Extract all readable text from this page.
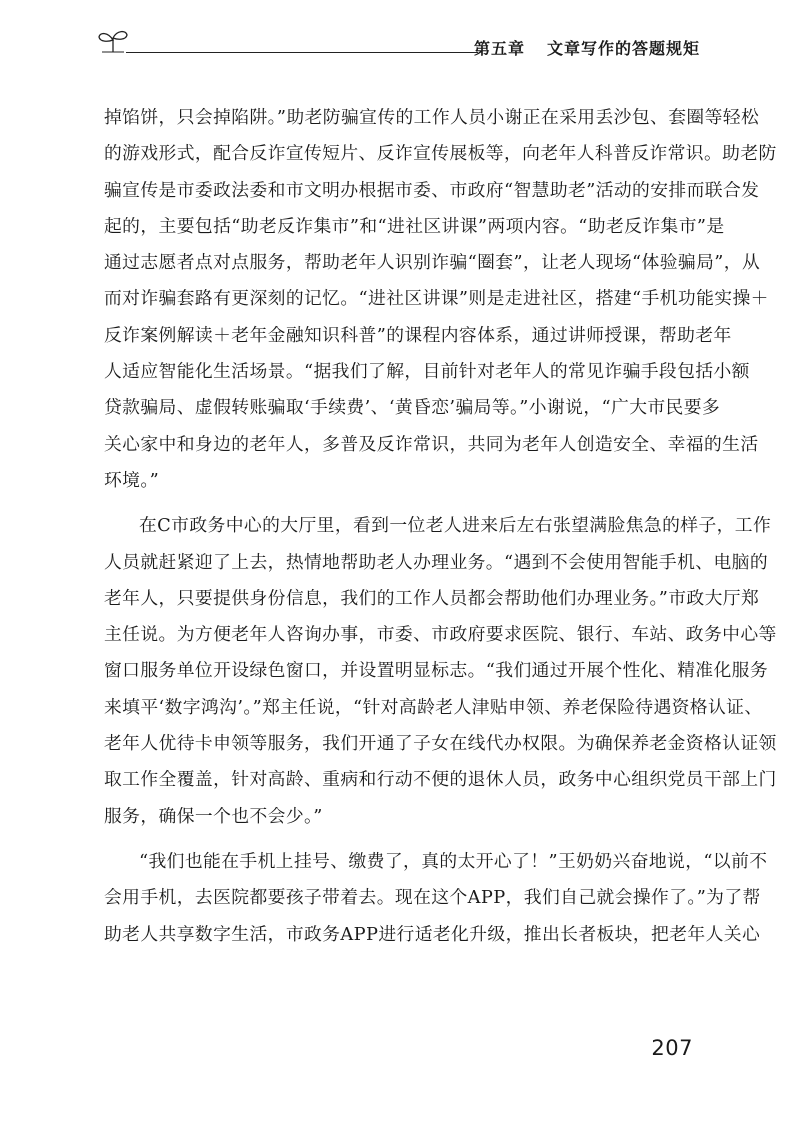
第五章 文章写作的答题规矩
掉馅饼，只会掉陷阱。”助老防骗宣传的工作人员小谢正在采用丢沙包、套圈等轻松
的游戏形式，配合反诈宣传短片、反诈宣传展板等，向老年人科普反诈常识。助老防
骗宣传是市委政法委和市文明办根据市委、市政府“智慧助老”活动的安排而联合发
起的，主要包括“助老反诈集市”和“进社区讲课”两项内容。“助老反诈集市”是
通过志愿者点对点服务，帮助老年人识别诈骗“圈套”，让老人现场“体验骗局”，从
而对诈骗套路有更深刻的记忆。“进社区讲课”则是走进社区，搭建“手机功能实操＋
反诈案例解读＋老年金融知识科普”的课程内容体系，通过讲师授课，帮助老年
人适应智能化生活场景。“据我们了解，目前针对老年人的常见诈骗手段包括小额
贷款骗局、虚假转账骗取‘手续费’、‘黄昏恋’骗局等。”小谢说，“广大市民要多
关心家中和身边的老年人，多普及反诈常识，共同为老年人创造安全、幸福的生活
环境。”
在C市政务中心的大厅里，看到一位老人进来后左右张望满脸焦急的样子，工作
人员就赶紧迎了上去，热情地帮助老人办理业务。“遇到不会使用智能手机、电脑的
老年人，只要提供身份信息，我们的工作人员都会帮助他们办理业务。”市政大厅郑
主任说。为方便老年人咨询办事，市委、市政府要求医院、银行、车站、政务中心等
窗口服务单位开设绿色窗口，并设置明显标志。“我们通过开展个性化、精准化服务
来填平‘数字鸿沟’。”郑主任说，“针对高龄老人津贴申领、养老保险待遇资格认证、
老年人优待卡申领等服务，我们开通了子女在线代办权限。为确保养老金资格认证领
取工作全覆盖，针对高龄、重病和行动不便的退休人员，政务中心组织党员干部上门
服务，确保一个也不会少。”
“我们也能在手机上挂号、缴费了，真的太开心了！”王奶奶兴奋地说，“以前不
会用手机，去医院都要孩子带着去。现在这个APP，我们自己就会操作了。”为了帮
助老人共享数字生活，市政务APP进行适老化升级，推出长者板块，把老年人关心
207
